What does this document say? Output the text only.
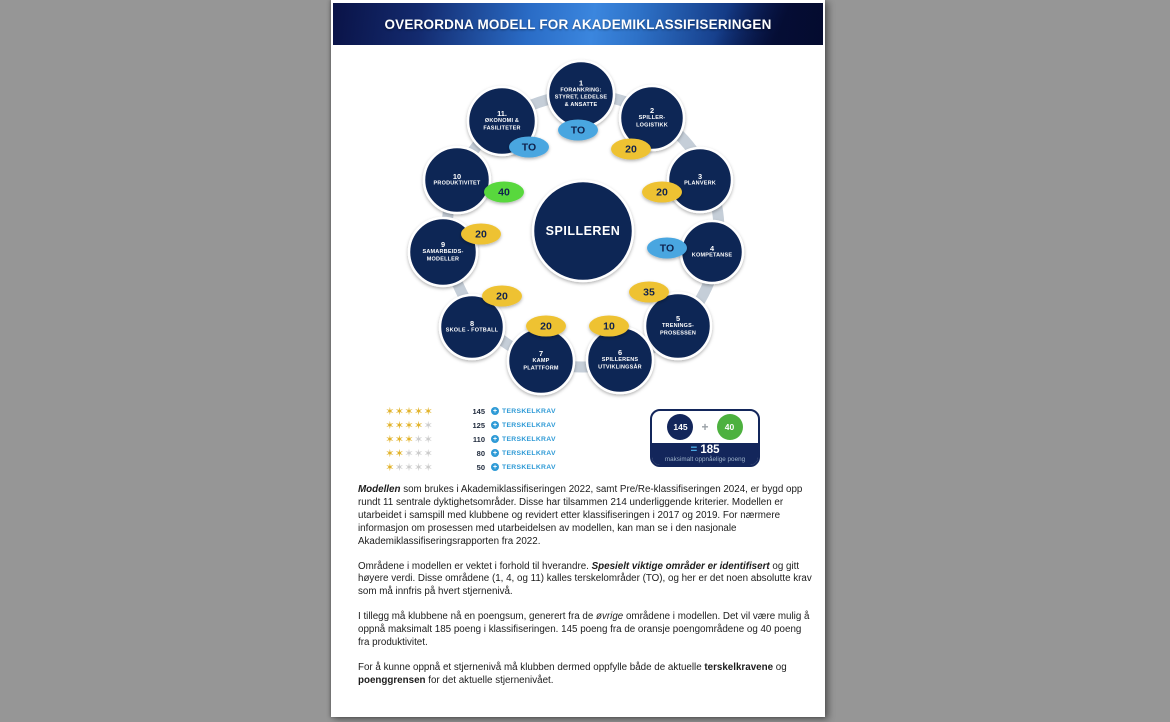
OVERORDNA MODELL FOR AKADEMIKLASSIFISERINGEN
1
FORANKRING:
STYRET, LEDELSE
& ANSATTE
2
SPILLER-
LOGISTIKK
3
PLANVERK
4
KOMPETANSE
5
TRENINGS-
PROSESSEN
6
SPILLERENS
UTVIKLINGSÅR
7
KAMP
PLATTFORM
8
SKOLE - FOTBALL
9
SAMARBEIDS-
MODELLER
10
PRODUKTIVITET
11.
ØKONOMI &
FASILITETER
SPILLEREN
TO
20
20
TO
35
10
20
20
20
40
TO
✶✶✶✶✶	145 + TERSKELKRAV
✶✶✶✶✶	125 + TERSKELKRAV
✶✶✶✶✶	110 + TERSKELKRAV
✶✶✶✶✶	80 + TERSKELKRAV
✶✶✶✶✶	50 + TERSKELKRAV
145	+	40
= 185
maksimalt oppnåelige poeng

Modellen som brukes i Akademiklassifiseringen 2022, samt Pre/Re-klassifiseringen 2024, er bygd opp rundt 11 sentrale dyktighetsområder. Disse har tilsammen 214 underliggende kriterier. Modellen er utarbeidet i samspill med klubbene og revidert etter klassifiseringen i 2017 og 2019. For nærmere informasjon om prosessen med utarbeidelsen av modellen, kan man se i den nasjonale Akademiklassifiseringsrapporten fra 2022.

Områdene i modellen er vektet i forhold til hverandre. Spesielt viktige områder er identifisert og gitt høyere verdi. Disse områdene (1, 4, og 11) kalles terskelområder (TO), og her er det noen absolutte krav som må innfris på hvert stjernenivå.

I tillegg må klubbene nå en poengsum, generert fra de øvrige områdene i modellen. Det vil være mulig å oppnå maksimalt 185 poeng i klassifiseringen. 145 poeng fra de oransje poengområdene og 40 poeng fra produktivitet.

For å kunne oppnå et stjernenivå må klubben dermed oppfylle både de aktuelle terskelkravene og poenggrensen for det aktuelle stjernenivået.
